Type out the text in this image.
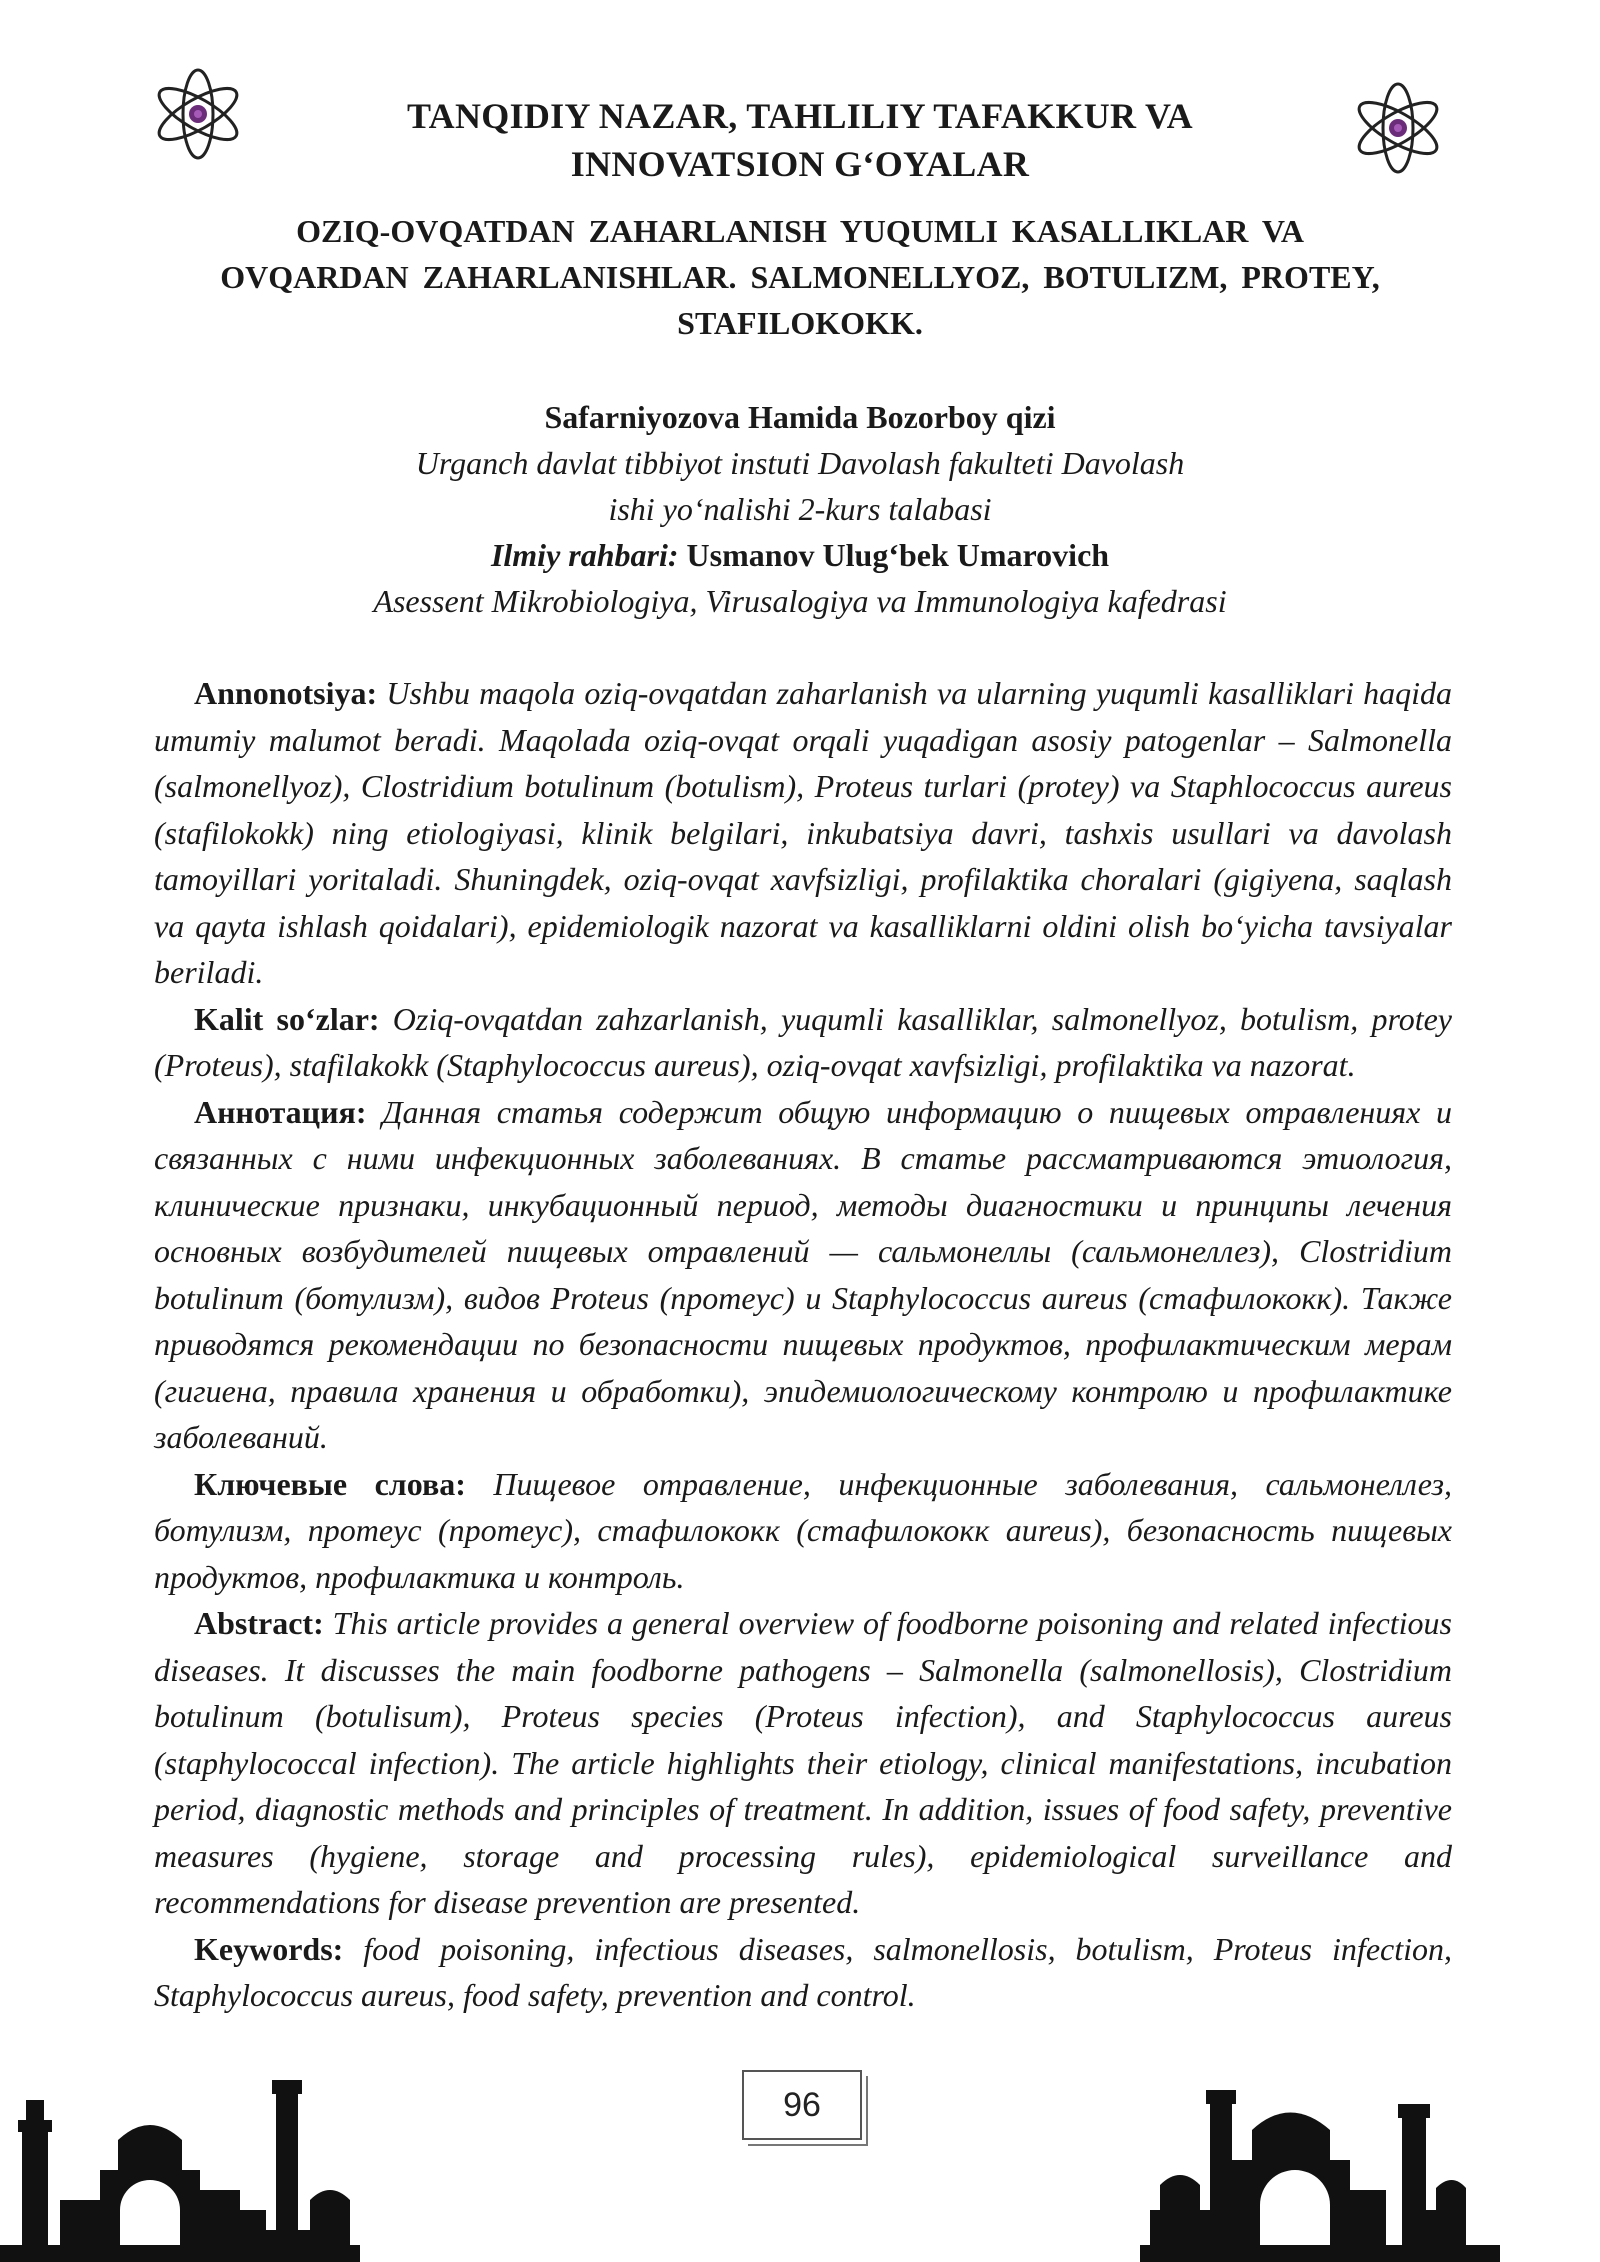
TANQIDIY NAZAR, TAHLILIY TAFAKKUR VA
INNOVATSION G‘OYALAR
OZIQ-OVQATDAN ZAHARLANISH YUQUMLI KASALLIKLAR VA
OVQARDAN ZAHARLANISHLAR. SALMONELLYOZ, BOTULIZM, PROTEY,
STAFILOKOKK.

Safarniyozova Hamida Bozorboy qizi

Urganch davlat tibbiyot instuti Davolash fakulteti Davolash

ishi yo‘nalishi 2-kurs talabasi

Ilmiy rahbari: Usmanov Ulug‘bek Umarovich

Asessent Mikrobiologiya, Virusalogiya va Immunologiya kafedrasi

Annonotsiya: Ushbu maqola oziq-ovqatdan zaharlanish va ularning yuqumli kasalliklari haqida umumiy malumot beradi. Maqolada oziq-ovqat orqali yuqadigan asosiy patogenlar – Salmonella (salmonellyoz), Clostridium botulinum (botulism), Proteus turlari (protey) va Staphlococcus aureus (stafilokokk) ning etiologiyasi, klinik belgilari, inkubatsiya davri, tashxis usullari va davolash tamoyillari yoritaladi. Shuningdek, oziq-ovqat xavfsizligi, profilaktika choralari (gigiyena, saqlash va qayta ishlash qoidalari), epidemiologik nazorat va kasalliklarni oldini olish bo‘yicha tavsiyalar beriladi.

Kalit so‘zlar: Oziq-ovqatdan zahzarlanish, yuqumli kasalliklar, salmonellyoz, botulism, protey (Proteus), stafilakokk (Staphylococcus aureus), oziq-ovqat xavfsizligi, profilaktika va nazorat.

Аннотация: Данная статья содержит общую информацию о пищевых отравлениях и связанных с ними инфекционных заболеваниях. В статье рассматриваются этиология, клинические признаки, инкубационный период, методы диагностики и принципы лечения основных возбудителей пищевых отравлений — сальмонеллы (сальмонеллез), Clostridium botulinum (ботулизм), видов Proteus (протеус) и Staphylococcus aureus (стафилококк). Также приводятся рекомендации по безопасности пищевых продуктов, профилактическим мерам (гигиена, правила хранения и обработки), эпидемиологическому контролю и профилактике заболеваний.

Ключевые слова: Пищевое отравление, инфекционные заболевания, сальмонеллез, ботулизм, протеус (протеус), стафилококк (стафилококк aureus), безопасность пищевых продуктов, профилактика и контроль.

Abstract: This article provides a general overview of foodborne poisoning and related infectious diseases. It discusses the main foodborne pathogens – Salmonella (salmonellosis), Clostridium botulinum (botulisum), Proteus species (Proteus infection), and Staphylococcus aureus (staphylococcal infection). The article highlights their etiology, clinical manifestations, incubation period, diagnostic methods and principles of treatment. In addition, issues of food safety, preventive measures (hygiene, storage and processing rules), epidemiological surveillance and recommendations for disease prevention are presented.

Keywords: food poisoning, infectious diseases, salmonellosis, botulism, Proteus infection, Staphylococcus aureus, food safety, prevention and control.

96
